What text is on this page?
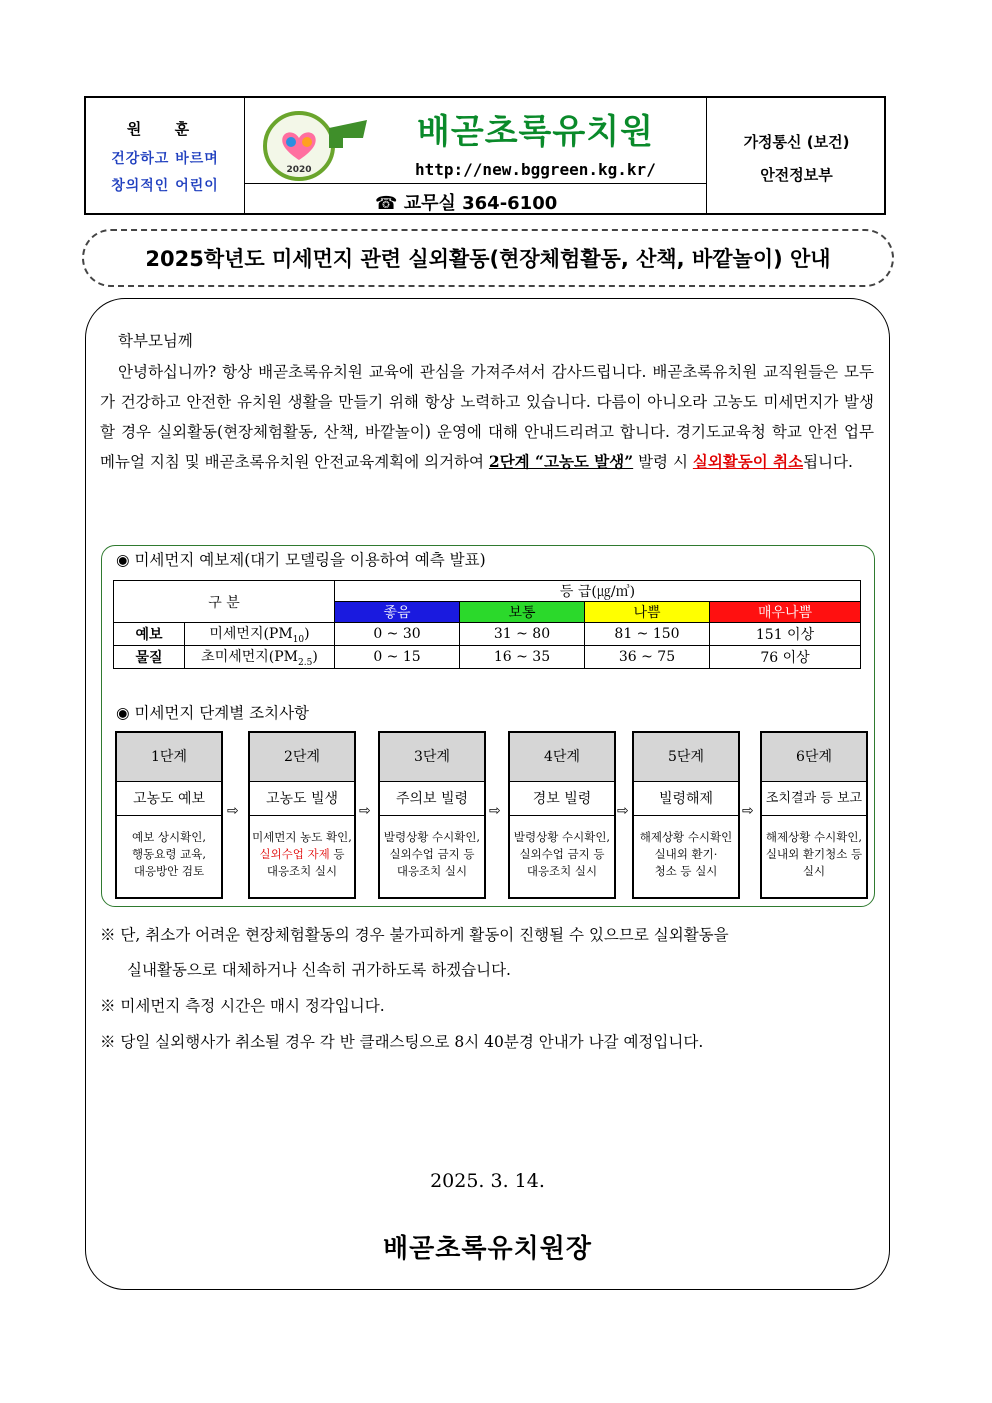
원 훈
건강하고 바르며
창의적인 어린이
2020
배곧초록유치원
http://new.bggreen.kg.kr/
☎ 교무실 364-6100
가정통신 (보건)
안전정보부
2025학년도 미세먼지 관련 실외활동(현장체험활동, 산책, 바깥놀이) 안내
학부모님께
안녕하십니까? 항상 배곧초록유치원 교육에 관심을 가져주셔서 감사드립니다. 배곧초록유치원 교직원들은 모두가 건강하고 안전한 유치원 생활을 만들기 위해 항상 노력하고 있습니다. 다름이 아니오라 고농도 미세먼지가 발생할 경우 실외활동(현장체험활동, 산책, 바깥놀이) 운영에 대해 안내드리려고 합니다. 경기도교육청 학교 안전 업무메뉴얼 지침 및 배곧초록유치원 안전교육계획에 의거하여 2단계 “고농도 발생” 발령 시 실외활동이 취소됩니다.
◉ 미세먼지 예보제(대기 모델링을 이용하여 예측 발표)
구 분		등 급(㎍/㎥)			
		좋음	보통	나쁨	매우나쁨
예보	미세먼지$(PM_{10})$	0 ~ 30	31 ~ 80	81 ~ 150	151 이상
물질	초미세먼지$(PM_{2.5})$	0 ~ 15	16 ~ 35	36 ~ 75	76 이상
◉ 미세먼지 단계별 조치사항
1단계
고농도 예보
예보 상시확인,
행동요령 교육,
대응방안 검토
⇨
2단계
고농도 빌생
미세먼지 농도 확인,
실외수업 자제 등
대응조치 실시
⇨
3단계
주의보 빌령
발령상황 수시확인,
실외수업 금지 등
대응조치 실시
⇨
4단계
경보 빌령
발령상황 수시확인,
실외수업 금지 등
대응조치 실시
⇨
5단계
빌령해제
해제상황 수시확인
실내외 환기·
청소 등 실시
⇨
6단계
조치결과 등 보고
해제상황 수시확인,
실내외 환기청소 등
실시
※ 단, 취소가 어려운 현장체험활동의 경우 불가피하게 활동이 진행될 수 있으므로 실외활동을
실내활동으로 대체하거나 신속히 귀가하도록 하겠습니다.
※ 미세먼지 측정 시간은 매시 정각입니다.
※ 당일 실외행사가 취소될 경우 각 반 클래스팅으로 8시 40분경 안내가 나갈 예정입니다.
2025. 3. 14.
배곧초록유치원장
